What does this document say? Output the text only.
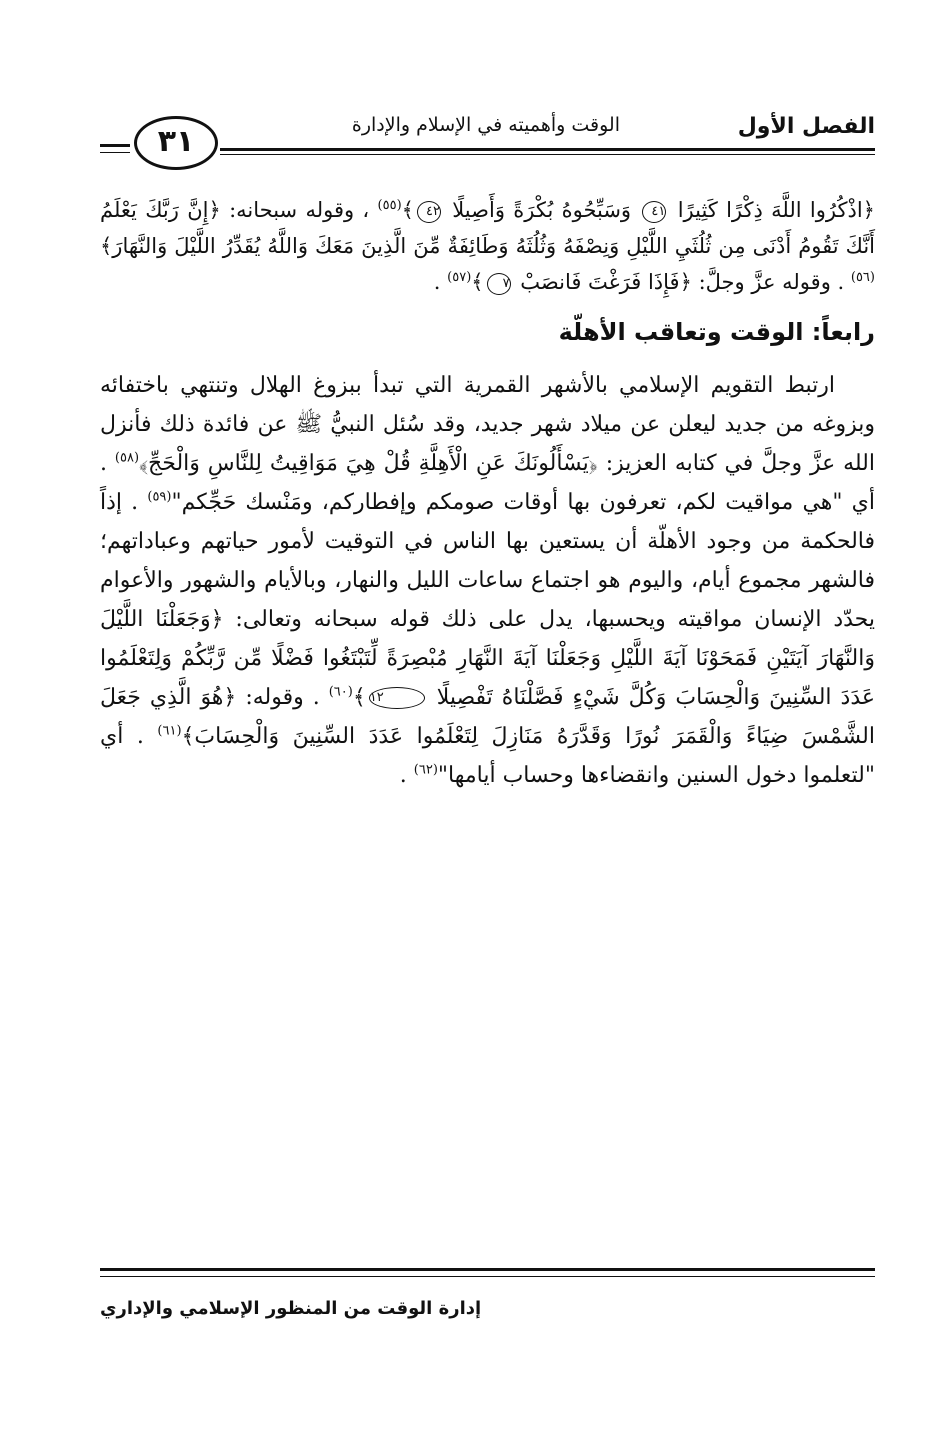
الفصل الأول
الوقت وأهميته في الإسلام والإدارة
٣١

﴿اذْكُرُوا اللَّهَ ذِكْرًا كَثِيرًا ٤١ وَسَبِّحُوهُ بُكْرَةً وَأَصِيلًا ٤٢﴾$^{(٥٥)}$ ، وقوله سبحانه: ﴿إِنَّ رَبَّكَ يَعْلَمُ أَنَّكَ تَقُومُ أَدْنَى مِن ثُلُثَيِ اللَّيْلِ وَنِصْفَهُ وَثُلُثَهُ وَطَائِفَةٌ مِّنَ الَّذِينَ مَعَكَ وَاللَّهُ يُقَدِّرُ اللَّيْلَ وَالنَّهَارَ﴾$^{(٥٦)}$ . وقوله عزَّ وجلَّ: ﴿فَإِذَا فَرَغْتَ فَانصَبْ ٧﴾$^{(٥٧)}$ .

رابعاً: الوقت وتعاقب الأهلّة

ارتبط التقويم الإسلامي بالأشهر القمرية التي تبدأ ببزوغ الهلال وتنتهي باختفائه وبزوغه من جديد ليعلن عن ميلاد شهر جديد، وقد سُئل النبيُّ ﷺ عن فائدة ذلك فأنزل الله عزَّ وجلَّ في كتابه العزيز: ﴿يَسْأَلُونَكَ عَنِ الْأَهِلَّةِ قُلْ هِيَ مَوَاقِيتُ لِلنَّاسِ وَالْحَجِّ﴾$^{(٥٨)}$ . أي "هي مواقيت لكم، تعرفون بها أوقات صومكم وإفطاركم، ومَنْسك حَجِّكم"$^{(٥٩)}$ . إذاً فالحكمة من وجود الأهلّة أن يستعين بها الناس في التوقيت لأمور حياتهم وعباداتهم؛ فالشهر مجموع أيام، واليوم هو اجتماع ساعات الليل والنهار، وبالأيام والشهور والأعوام يحدّد الإنسان مواقيته ويحسبها، يدل على ذلك قوله سبحانه وتعالى: ﴿وَجَعَلْنَا اللَّيْلَ وَالنَّهَارَ آيَتَيْنِ فَمَحَوْنَا آيَةَ اللَّيْلِ وَجَعَلْنَا آيَةَ النَّهَارِ مُبْصِرَةً لِّتَبْتَغُوا فَضْلًا مِّن رَّبِّكُمْ وَلِتَعْلَمُوا عَدَدَ السِّنِينَ وَالْحِسَابَ وَكُلَّ شَيْءٍ فَصَّلْنَاهُ تَفْصِيلًا ١٢﴾$^{(٦٠)}$ . وقوله: ﴿هُوَ الَّذِي جَعَلَ الشَّمْسَ ضِيَاءً وَالْقَمَرَ نُورًا وَقَدَّرَهُ مَنَازِلَ لِتَعْلَمُوا عَدَدَ السِّنِينَ وَالْحِسَابَ﴾$^{(٦١)}$ . أي "لتعلموا دخول السنين وانقضاءها وحساب أيامها"$^{(٦٢)}$ .

إدارة الوقت من المنظور الإسلامي والإداري
